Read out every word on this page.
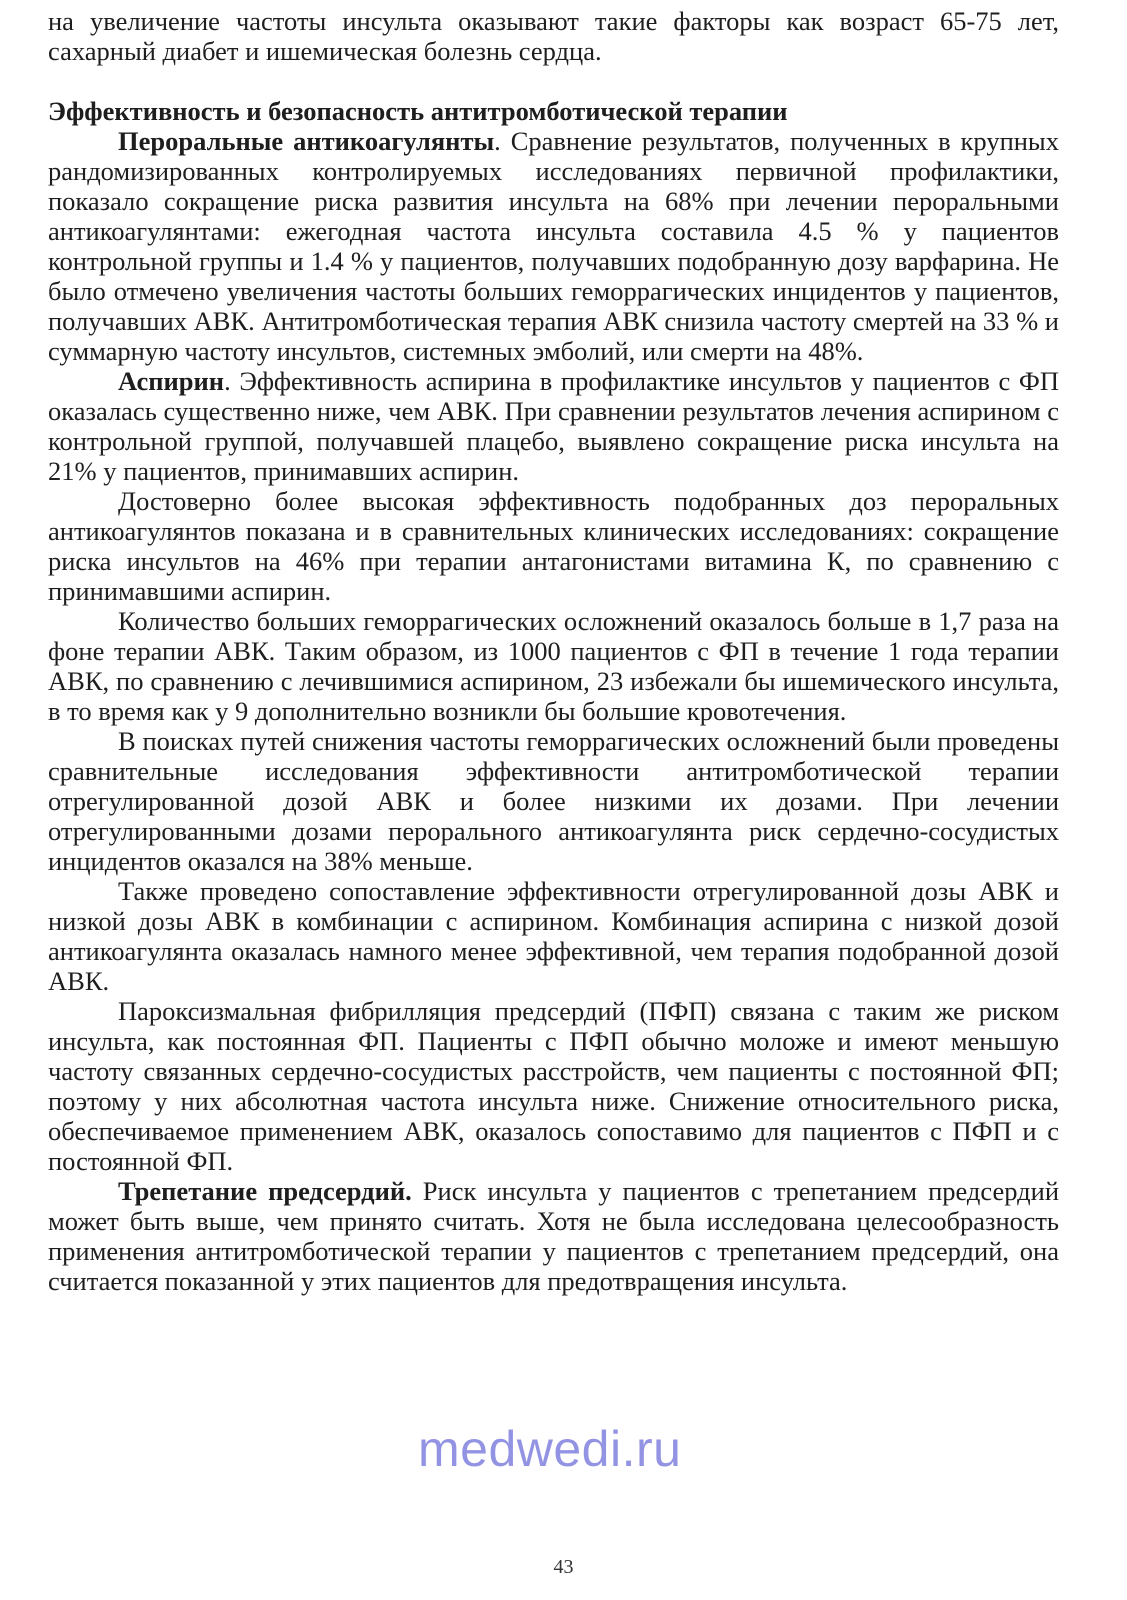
на увеличение частоты инсульта оказывают такие факторы как возраст 65-75 лет, сахарный диабет и ишемическая болезнь сердца.

Эффективность и безопасность антитромботической терапии

Пероральные антикоагулянты. Сравнение результатов, полученных в крупных рандомизированных контролируемых исследованиях первичной профилактики, показало сокращение риска развития инсульта на 68% при лечении пероральными антикоагулянтами: ежегодная частота инсульта составила 4.5 % у пациентов контрольной группы и 1.4 % у пациентов, получавших подобранную дозу варфарина. Не было отмечено увеличения частоты больших геморрагических инцидентов у пациентов, получавших АВК. Антитромботическая терапия АВК снизила частоту смертей на 33 % и суммарную частоту инсультов, системных эмболий, или смерти на 48%.

Аспирин. Эффективность аспирина в профилактике инсультов у пациентов с ФП оказалась существенно ниже, чем АВК. При сравнении результатов лечения аспирином с контрольной группой, получавшей плацебо, выявлено сокращение риска инсульта на 21% у пациентов, принимавших аспирин.

Достоверно более высокая эффективность подобранных доз пероральных антикоагулянтов показана и в сравнительных клинических исследованиях: сокращение риска инсультов на 46% при терапии антагонистами витамина К, по сравнению с принимавшими аспирин.

Количество больших геморрагических осложнений оказалось больше в 1,7 раза на фоне терапии АВК. Таким образом, из 1000 пациентов с ФП в течение 1 года терапии АВК, по сравнению с лечившимися аспирином, 23 избежали бы ишемического инсульта, в то время как у 9 дополнительно возникли бы большие кровотечения.

В поисках путей снижения частоты геморрагических осложнений были проведены сравнительные исследования эффективности антитромботической терапии отрегулированной дозой АВК и более низкими их дозами. При лечении отрегулированными дозами перорального антикоагулянта риск сердечно-сосудистых инцидентов оказался на 38% меньше.

Также проведено сопоставление эффективности отрегулированной дозы АВК и низкой дозы АВК в комбинации с аспирином. Комбинация аспирина с низкой дозой антикоагулянта оказалась намного менее эффективной, чем терапия подобранной дозой АВК.

Пароксизмальная фибрилляция предсердий (ПФП) связана с таким же риском инсульта, как постоянная ФП. Пациенты с ПФП обычно моложе и имеют меньшую частоту связанных сердечно-сосудистых расстройств, чем пациенты с постоянной ФП; поэтому у них абсолютная частота инсульта ниже. Снижение относительного риска, обеспечиваемое применением АВК, оказалось сопоставимо для пациентов с ПФП и с постоянной ФП.

Трепетание предсердий. Риск инсульта у пациентов с трепетанием предсердий может быть выше, чем принято считать. Хотя не была исследована целесообразность применения антитромботической терапии у пациентов с трепетанием предсердий, она считается показанной у этих пациентов для предотвращения инсульта.

medwedi.ru
43
